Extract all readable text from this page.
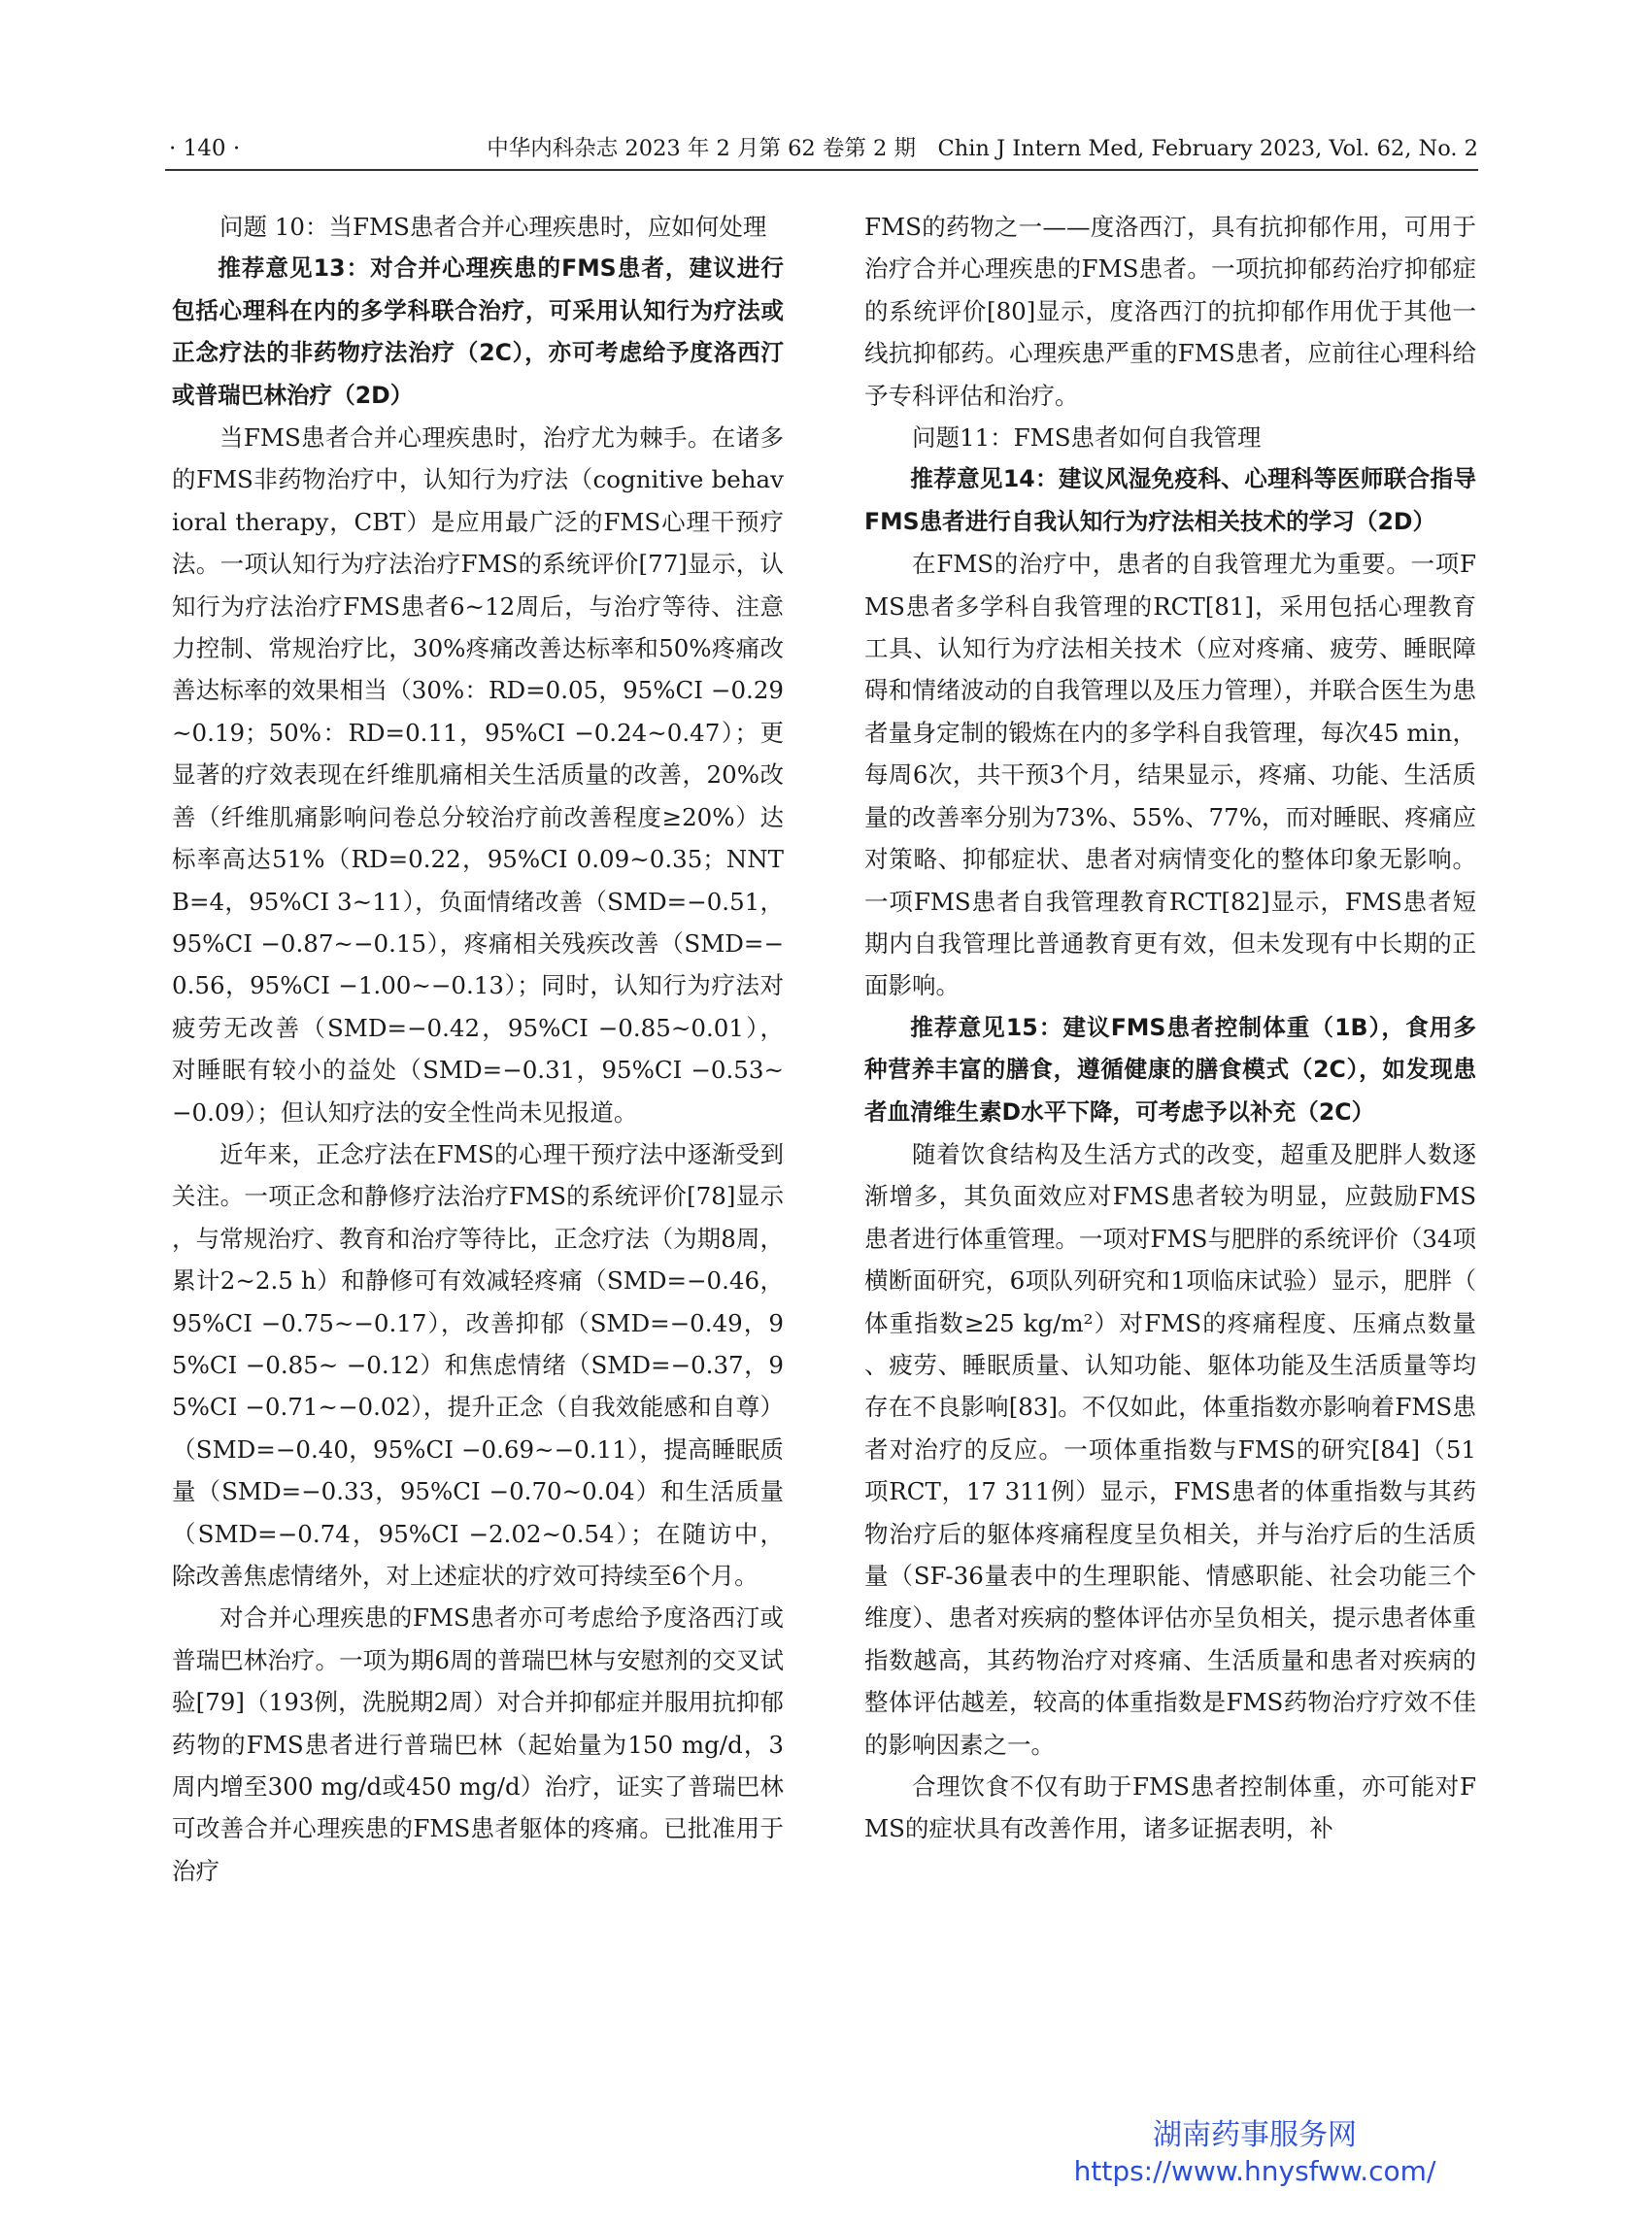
· 140 ·	中华内科杂志 2023 年 2 月第 62 卷第 2 期　Chin J Intern Med, February 2023, Vol. 62, No. 2

问题 10：当FMS患者合并心理疾患时，应如何处理

推荐意见13：对合并心理疾患的FMS患者，建议进行包括心理科在内的多学科联合治疗，可采用认知行为疗法或正念疗法的非药物疗法治疗（2C），亦可考虑给予度洛西汀或普瑞巴林治疗（2D）

当FMS患者合并心理疾患时，治疗尤为棘手。在诸多的FMS非药物治疗中，认知行为疗法（cognitive behavioral therapy，CBT）是应用最广泛的FMS心理干预疗法。一项认知行为疗法治疗FMS的系统评价[77]显示，认知行为疗法治疗FMS患者6~12周后，与治疗等待、注意力控制、常规治疗比，30%疼痛改善达标率和50%疼痛改善达标率的效果相当（30%：RD=0.05，95%CI −0.29~0.19；50%：RD=0.11，95%CI −0.24~0.47）；更显著的疗效表现在纤维肌痛相关生活质量的改善，20%改善（纤维肌痛影响问卷总分较治疗前改善程度≥20%）达标率高达51%（RD=0.22，95%CI 0.09~0.35；NNTB=4，95%CI 3~11），负面情绪改善（SMD=−0.51，95%CI −0.87~−0.15），疼痛相关残疾改善（SMD=−0.56，95%CI −1.00~−0.13）；同时，认知行为疗法对疲劳无改善（SMD=−0.42，95%CI −0.85~0.01），对睡眠有较小的益处（SMD=−0.31，95%CI −0.53~−0.09）；但认知疗法的安全性尚未见报道。

近年来，正念疗法在FMS的心理干预疗法中逐渐受到关注。一项正念和静修疗法治疗FMS的系统评价[78]显示，与常规治疗、教育和治疗等待比，正念疗法（为期8周，累计2~2.5 h）和静修可有效减轻疼痛（SMD=−0.46，95%CI −0.75~−0.17），改善抑郁（SMD=−0.49，95%CI −0.85~ −0.12）和焦虑情绪（SMD=−0.37，95%CI −0.71~−0.02），提升正念（自我效能感和自尊）（SMD=−0.40，95%CI −0.69~−0.11），提高睡眠质量（SMD=−0.33，95%CI −0.70~0.04）和生活质量（SMD=−0.74，95%CI −2.02~0.54）；在随访中，除改善焦虑情绪外，对上述症状的疗效可持续至6个月。

对合并心理疾患的FMS患者亦可考虑给予度洛西汀或普瑞巴林治疗。一项为期6周的普瑞巴林与安慰剂的交叉试验[79]（193例，洗脱期2周）对合并抑郁症并服用抗抑郁药物的FMS患者进行普瑞巴林（起始量为150 mg/d，3周内增至300 mg/d或450 mg/d）治疗，证实了普瑞巴林可改善合并心理疾患的FMS患者躯体的疼痛。已批准用于治疗

FMS的药物之一——度洛西汀，具有抗抑郁作用，可用于治疗合并心理疾患的FMS患者。一项抗抑郁药治疗抑郁症的系统评价[80]显示，度洛西汀的抗抑郁作用优于其他一线抗抑郁药。心理疾患严重的FMS患者，应前往心理科给予专科评估和治疗。

问题11：FMS患者如何自我管理

推荐意见14：建议风湿免疫科、心理科等医师联合指导FMS患者进行自我认知行为疗法相关技术的学习（2D）

在FMS的治疗中，患者的自我管理尤为重要。一项FMS患者多学科自我管理的RCT[81]，采用包括心理教育工具、认知行为疗法相关技术（应对疼痛、疲劳、睡眠障碍和情绪波动的自我管理以及压力管理），并联合医生为患者量身定制的锻炼在内的多学科自我管理，每次45 min，每周6次，共干预3个月，结果显示，疼痛、功能、生活质量的改善率分别为73%、55%、77%，而对睡眠、疼痛应对策略、抑郁症状、患者对病情变化的整体印象无影响。一项FMS患者自我管理教育RCT[82]显示，FMS患者短期内自我管理比普通教育更有效，但未发现有中长期的正面影响。

推荐意见15：建议FMS患者控制体重（1B），食用多种营养丰富的膳食，遵循健康的膳食模式（2C），如发现患者血清维生素D水平下降，可考虑予以补充（2C）

随着饮食结构及生活方式的改变，超重及肥胖人数逐渐增多，其负面效应对FMS患者较为明显，应鼓励FMS患者进行体重管理。一项对FMS与肥胖的系统评价（34项横断面研究，6项队列研究和1项临床试验）显示，肥胖（体重指数≥25 kg/m²）对FMS的疼痛程度、压痛点数量、疲劳、睡眠质量、认知功能、躯体功能及生活质量等均存在不良影响[83]。不仅如此，体重指数亦影响着FMS患者对治疗的反应。一项体重指数与FMS的研究[84]（51项RCT，17 311例）显示，FMS患者的体重指数与其药物治疗后的躯体疼痛程度呈负相关，并与治疗后的生活质量（SF-36量表中的生理职能、情感职能、社会功能三个维度）、患者对疾病的整体评估亦呈负相关，提示患者体重指数越高，其药物治疗对疼痛、生活质量和患者对疾病的整体评估越差，较高的体重指数是FMS药物治疗疗效不佳的影响因素之一。

合理饮食不仅有助于FMS患者控制体重，亦可能对FMS的症状具有改善作用，诸多证据表明，补

湖南药事服务网
https://www.hnysfww.com/
